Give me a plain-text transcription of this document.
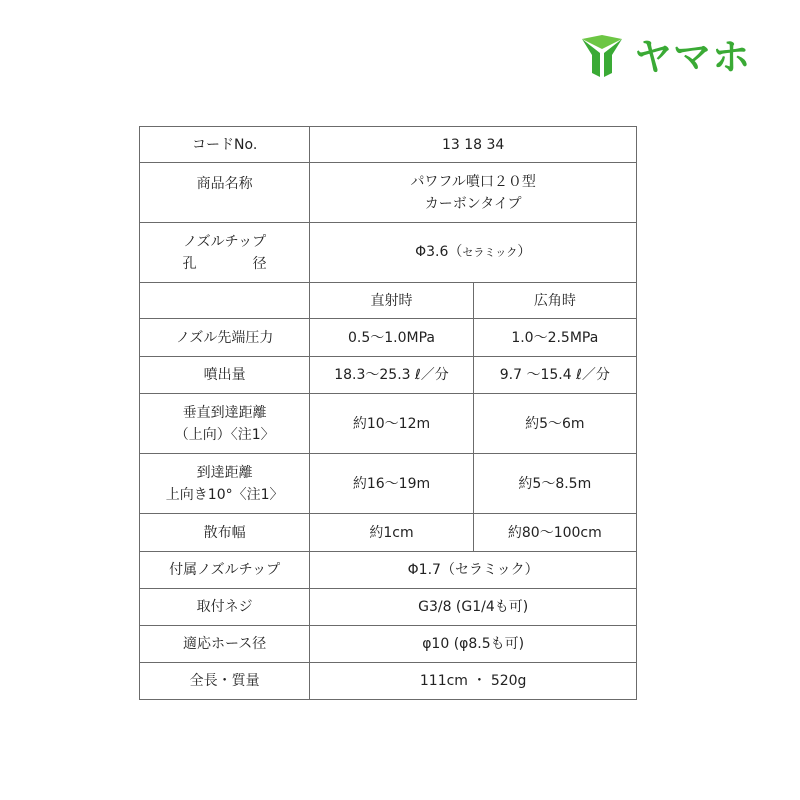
ヤマホ
コードNo.	13 18 34	
商品名称	パワフル噴口２０型
カーボンタイプ	

ノズルチップ
孔 径	Φ3.6（セラミック）	
	直射時	広角時
ノズル先端圧力	0.5～1.0MPa	1.0～2.5MPa
噴出量	18.3～25.3 ℓ／分	9.7 ～15.4 ℓ／分

垂直到達距離
（上向）〈注1〉	約10～12m	約5～6m

到達距離
上向き10°〈注1〉	約16～19m	約5～8.5m
散布幅	約1cm	約80～100cm
付属ノズルチップ	Φ1.7（セラミック）	
取付ネジ	G3/8 (G1/4も可)	
適応ホース径	φ10 (φ8.5も可)	
全長・質量	111cm ・ 520g	
